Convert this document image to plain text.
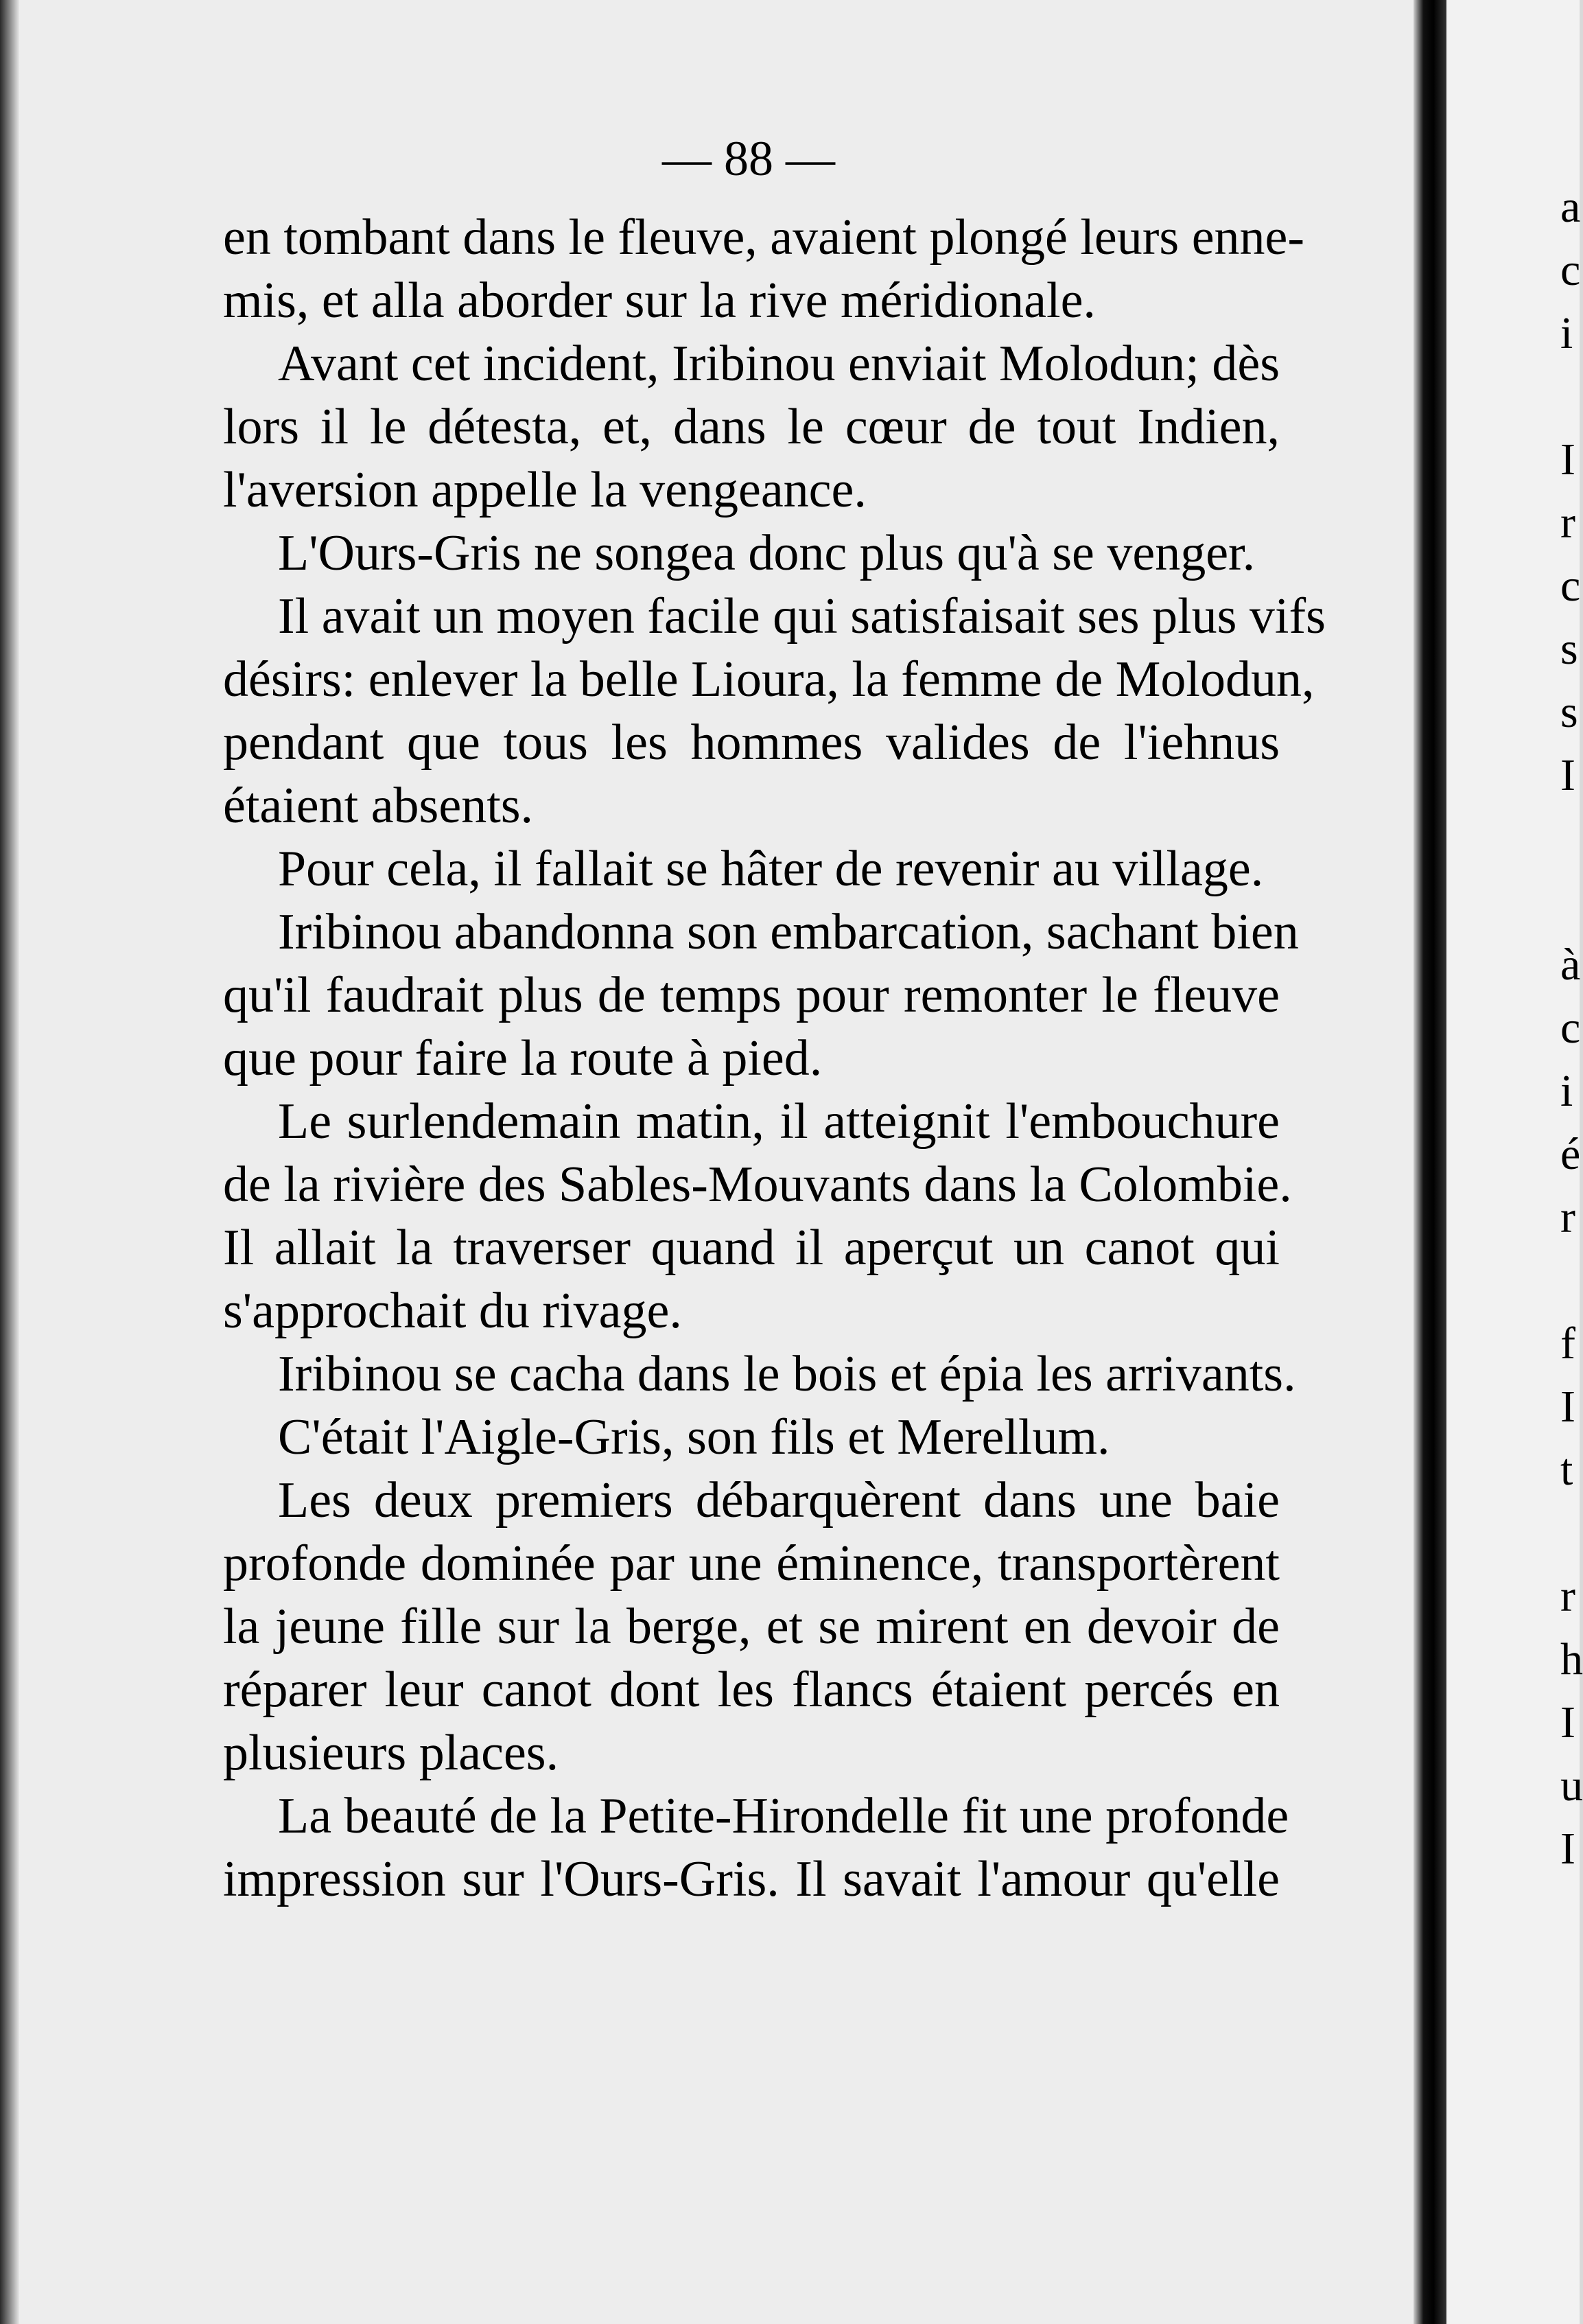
a
c
i
I
r
c
s
s
I
à
c
i
é
r
f
I
t
r
h
I
u
I
— 88 —
en tombant dans le fleuve, avaient plongé leurs enne-
mis, et alla aborder sur la rive méridionale.
Avant cet incident, Iribinou enviait Molodun; dès
lors il le détesta, et, dans le cœur de tout Indien,
l'aversion appelle la vengeance.
L'Ours-Gris ne songea donc plus qu'à se venger.
Il avait un moyen facile qui satisfaisait ses plus vifs
désirs: enlever la belle Lioura, la femme de Molodun,
pendant que tous les hommes valides de l'iehnus
étaient absents.
Pour cela, il fallait se hâter de revenir au village.
Iribinou abandonna son embarcation, sachant bien
qu'il faudrait plus de temps pour remonter le fleuve
que pour faire la route à pied.
Le surlendemain matin, il atteignit l'embouchure
de la rivière des Sables-Mouvants dans la Colombie.
Il allait la traverser quand il aperçut un canot qui
s'approchait du rivage.
Iribinou se cacha dans le bois et épia les arrivants.
C'était l'Aigle-Gris, son fils et Merellum.
Les deux premiers débarquèrent dans une baie
profonde dominée par une éminence, transportèrent
la jeune fille sur la berge, et se mirent en devoir de
réparer leur canot dont les flancs étaient percés en
plusieurs places.
La beauté de la Petite-Hirondelle fit une profonde
impression sur l'Ours-Gris. Il savait l'amour qu'elle
